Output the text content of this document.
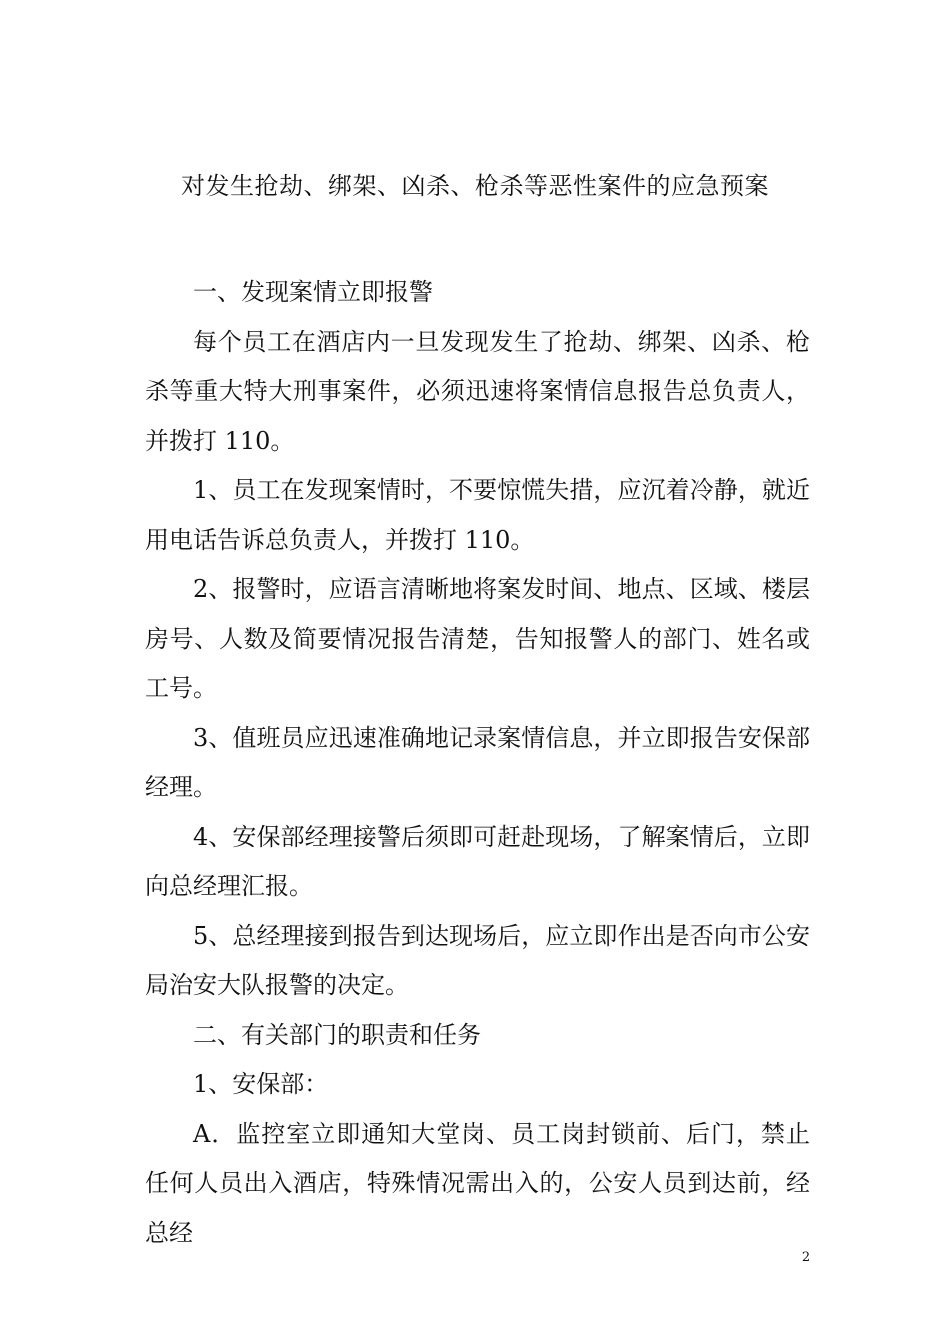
对发生抢劫、绑架、凶杀、枪杀等恶性案件的应急预案

一、发现案情立即报警

每个员工在酒店内一旦发现发生了抢劫、绑架、凶杀、枪杀等重大特大刑事案件，必须迅速将案情信息报告总负责人，并拨打 110。

1、员工在发现案情时，不要惊慌失措，应沉着冷静，就近用电话告诉总负责人，并拨打 110。

2、报警时，应语言清晰地将案发时间、地点、区域、楼层房号、人数及简要情况报告清楚，告知报警人的部门、姓名或工号。

3、值班员应迅速准确地记录案情信息，并立即报告安保部经理。

4、安保部经理接警后须即可赶赴现场，了解案情后，立即向总经理汇报。

5、总经理接到报告到达现场后，应立即作出是否向市公安局治安大队报警的决定。

二、有关部门的职责和任务

1、安保部：

A．监控室立即通知大堂岗、员工岗封锁前、后门，禁止任何人员出入酒店，特殊情况需出入的，公安人员到达前，经总经

2
